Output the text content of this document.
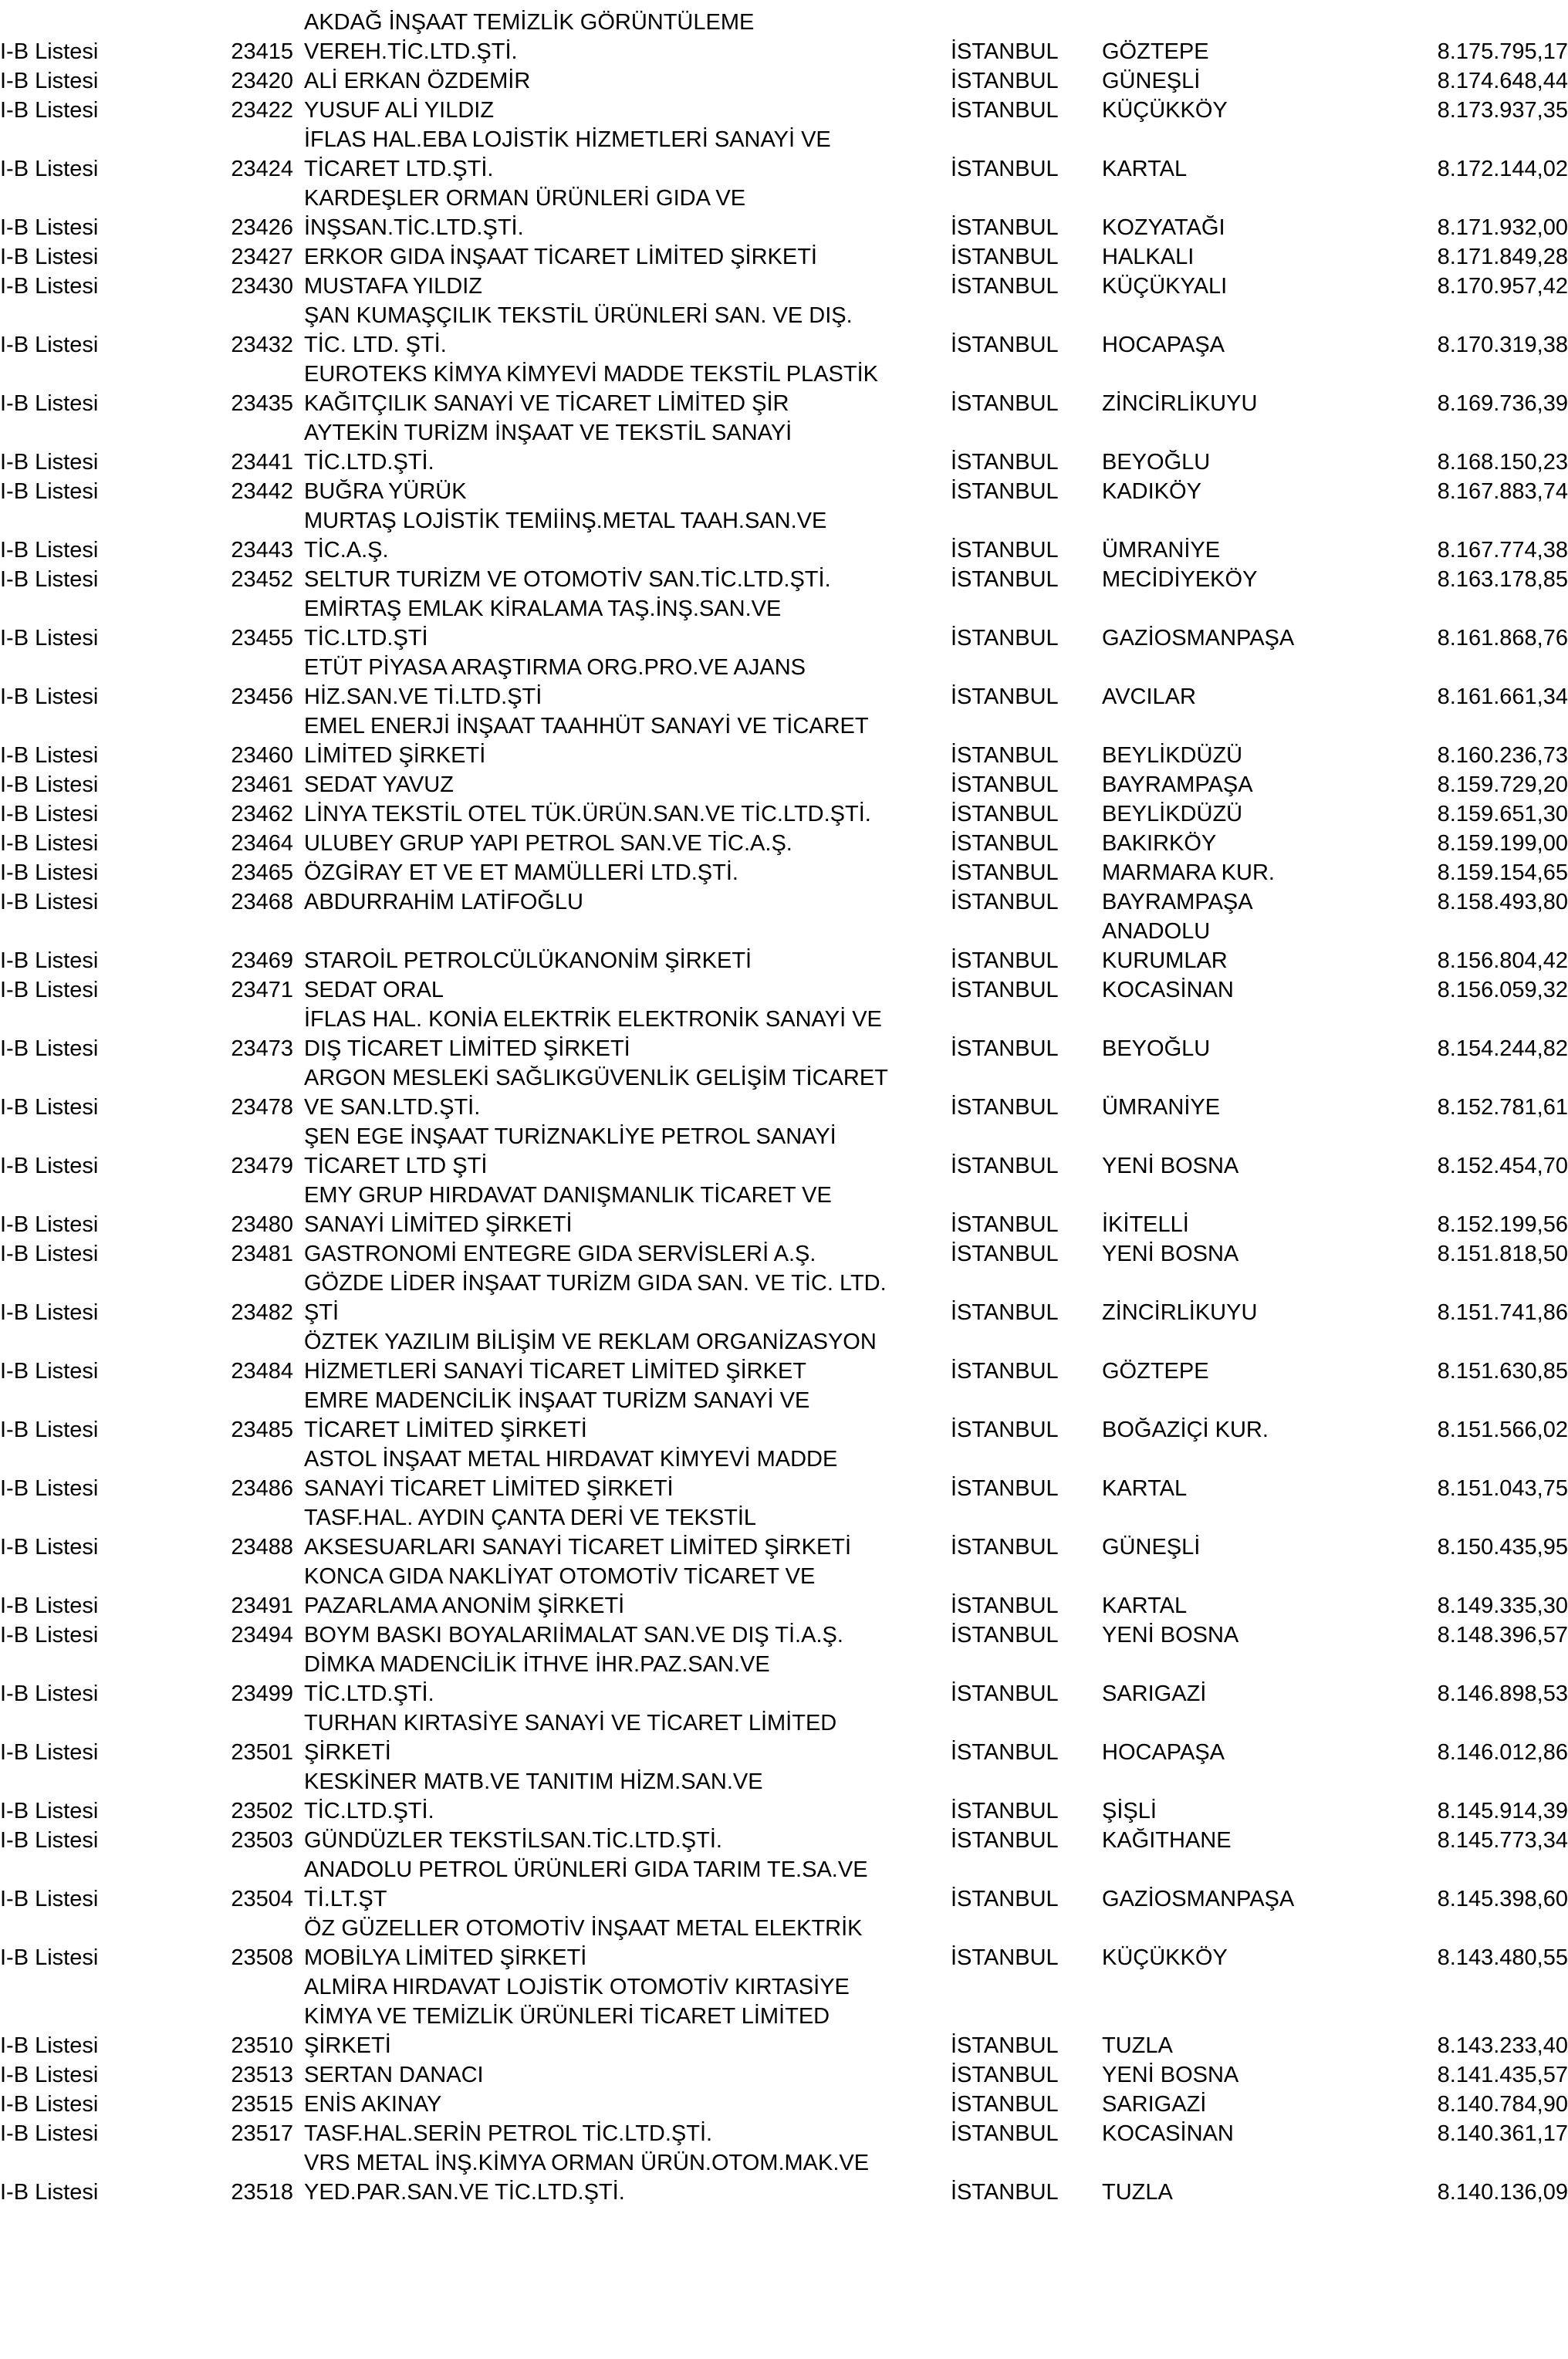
				AKDAĞ İNŞAAT TEMİZLİK GÖRÜNTÜLEME				
I-B Listesi		23415		VEREH.TİC.LTD.ŞTİ.	İSTANBUL		GÖZTEPE	8.175.795,17
I-B Listesi		23420		ALİ ERKAN ÖZDEMİR	İSTANBUL		GÜNEŞLİ	8.174.648,44
I-B Listesi		23422		YUSUF ALİ YILDIZ	İSTANBUL		KÜÇÜKKÖY	8.173.937,35
				İFLAS HAL.EBA LOJİSTİK HİZMETLERİ SANAYİ VE				
I-B Listesi		23424		TİCARET LTD.ŞTİ.	İSTANBUL		KARTAL	8.172.144,02
				KARDEŞLER ORMAN ÜRÜNLERİ GIDA VE				
I-B Listesi		23426		İNŞSAN.TİC.LTD.ŞTİ.	İSTANBUL		KOZYATAĞI	8.171.932,00
I-B Listesi		23427		ERKOR GIDA İNŞAAT TİCARET LİMİTED ŞİRKETİ	İSTANBUL		HALKALI	8.171.849,28
I-B Listesi		23430		MUSTAFA YILDIZ	İSTANBUL		KÜÇÜKYALI	8.170.957,42
				ŞAN KUMAŞÇILIK TEKSTİL ÜRÜNLERİ SAN. VE DIŞ.				
I-B Listesi		23432		TİC. LTD. ŞTİ.	İSTANBUL		HOCAPAŞA	8.170.319,38
				EUROTEKS KİMYA KİMYEVİ MADDE TEKSTİL PLASTİK				
I-B Listesi		23435		KAĞITÇILIK SANAYİ VE TİCARET LİMİTED ŞİR	İSTANBUL		ZİNCİRLİKUYU	8.169.736,39
				AYTEKİN TURİZM İNŞAAT VE TEKSTİL SANAYİ				
I-B Listesi		23441		TİC.LTD.ŞTİ.	İSTANBUL		BEYOĞLU	8.168.150,23
I-B Listesi		23442		BUĞRA YÜRÜK	İSTANBUL		KADIKÖY	8.167.883,74
				MURTAŞ LOJİSTİK TEMİİNŞ.METAL TAAH.SAN.VE				
I-B Listesi		23443		TİC.A.Ş.	İSTANBUL		ÜMRANİYE	8.167.774,38
I-B Listesi		23452		SELTUR TURİZM VE OTOMOTİV SAN.TİC.LTD.ŞTİ.	İSTANBUL		MECİDİYEKÖY	8.163.178,85
				EMİRTAŞ EMLAK KİRALAMA TAŞ.İNŞ.SAN.VE				
I-B Listesi		23455		TİC.LTD.ŞTİ	İSTANBUL		GAZİOSMANPAŞA	8.161.868,76
				ETÜT PİYASA ARAŞTIRMA ORG.PRO.VE AJANS				
I-B Listesi		23456		HİZ.SAN.VE Tİ.LTD.ŞTİ	İSTANBUL		AVCILAR	8.161.661,34
				EMEL ENERJİ İNŞAAT TAAHHÜT SANAYİ VE TİCARET				
I-B Listesi		23460		LİMİTED ŞİRKETİ	İSTANBUL		BEYLİKDÜZÜ	8.160.236,73
I-B Listesi		23461		SEDAT YAVUZ	İSTANBUL		BAYRAMPAŞA	8.159.729,20
I-B Listesi		23462		LİNYA TEKSTİL OTEL TÜK.ÜRÜN.SAN.VE TİC.LTD.ŞTİ.	İSTANBUL		BEYLİKDÜZÜ	8.159.651,30
I-B Listesi		23464		ULUBEY GRUP YAPI PETROL SAN.VE TİC.A.Ş.	İSTANBUL		BAKIRKÖY	8.159.199,00
I-B Listesi		23465		ÖZGİRAY ET VE ET MAMÜLLERİ LTD.ŞTİ.	İSTANBUL		MARMARA KUR.	8.159.154,65
I-B Listesi		23468		ABDURRAHİM LATİFOĞLU	İSTANBUL		BAYRAMPAŞA	8.158.493,80
							ANADOLU	
I-B Listesi		23469		STAROİL PETROLCÜLÜKANONİM ŞİRKETİ	İSTANBUL		KURUMLAR	8.156.804,42
I-B Listesi		23471		SEDAT ORAL	İSTANBUL		KOCASİNAN	8.156.059,32
				İFLAS HAL. KONİA ELEKTRİK ELEKTRONİK SANAYİ VE				
I-B Listesi		23473		DIŞ TİCARET LİMİTED ŞİRKETİ	İSTANBUL		BEYOĞLU	8.154.244,82
				ARGON MESLEKİ SAĞLIKGÜVENLİK GELİŞİM TİCARET				
I-B Listesi		23478		VE SAN.LTD.ŞTİ.	İSTANBUL		ÜMRANİYE	8.152.781,61
				ŞEN EGE İNŞAAT TURİZNAKLİYE PETROL SANAYİ				
I-B Listesi		23479		TİCARET LTD ŞTİ	İSTANBUL		YENİ BOSNA	8.152.454,70
				EMY GRUP HIRDAVAT DANIŞMANLIK TİCARET VE				
I-B Listesi		23480		SANAYİ LİMİTED ŞİRKETİ	İSTANBUL		İKİTELLİ	8.152.199,56
I-B Listesi		23481		GASTRONOMİ ENTEGRE GIDA SERVİSLERİ A.Ş.	İSTANBUL		YENİ BOSNA	8.151.818,50
				GÖZDE LİDER İNŞAAT TURİZM GIDA SAN. VE TİC. LTD.				
I-B Listesi		23482		ŞTİ	İSTANBUL		ZİNCİRLİKUYU	8.151.741,86
				ÖZTEK YAZILIM BİLİŞİM VE REKLAM ORGANİZASYON				
I-B Listesi		23484		HİZMETLERİ SANAYİ TİCARET LİMİTED ŞİRKET	İSTANBUL		GÖZTEPE	8.151.630,85
				EMRE MADENCİLİK İNŞAAT TURİZM SANAYİ VE				
I-B Listesi		23485		TİCARET LİMİTED ŞİRKETİ	İSTANBUL		BOĞAZİÇİ KUR.	8.151.566,02
				ASTOL İNŞAAT METAL HIRDAVAT KİMYEVİ MADDE				
I-B Listesi		23486		SANAYİ TİCARET LİMİTED ŞİRKETİ	İSTANBUL		KARTAL	8.151.043,75
				TASF.HAL. AYDIN ÇANTA DERİ VE TEKSTİL				
I-B Listesi		23488		AKSESUARLARI SANAYİ TİCARET LİMİTED ŞİRKETİ	İSTANBUL		GÜNEŞLİ	8.150.435,95
				KONCA GIDA NAKLİYAT OTOMOTİV TİCARET VE				
I-B Listesi		23491		PAZARLAMA ANONİM ŞİRKETİ	İSTANBUL		KARTAL	8.149.335,30
I-B Listesi		23494		BOYM BASKI BOYALARIİMALAT SAN.VE DIŞ Tİ.A.Ş.	İSTANBUL		YENİ BOSNA	8.148.396,57
				DİMKA MADENCİLİK İTHVE İHR.PAZ.SAN.VE				
I-B Listesi		23499		TİC.LTD.ŞTİ.	İSTANBUL		SARIGAZİ	8.146.898,53
				TURHAN KIRTASİYE SANAYİ VE TİCARET LİMİTED				
I-B Listesi		23501		ŞİRKETİ	İSTANBUL		HOCAPAŞA	8.146.012,86
				KESKİNER MATB.VE TANITIM HİZM.SAN.VE				
I-B Listesi		23502		TİC.LTD.ŞTİ.	İSTANBUL		ŞİŞLİ	8.145.914,39
I-B Listesi		23503		GÜNDÜZLER TEKSTİLSAN.TİC.LTD.ŞTİ.	İSTANBUL		KAĞITHANE	8.145.773,34
				ANADOLU PETROL ÜRÜNLERİ GIDA TARIM TE.SA.VE				
I-B Listesi		23504		Tİ.LT.ŞT	İSTANBUL		GAZİOSMANPAŞA	8.145.398,60
				ÖZ GÜZELLER OTOMOTİV İNŞAAT METAL ELEKTRİK				
I-B Listesi		23508		MOBİLYA LİMİTED ŞİRKETİ	İSTANBUL		KÜÇÜKKÖY	8.143.480,55
				ALMİRA HIRDAVAT LOJİSTİK OTOMOTİV KIRTASİYE				
				KİMYA VE TEMİZLİK ÜRÜNLERİ TİCARET LİMİTED				
I-B Listesi		23510		ŞİRKETİ	İSTANBUL		TUZLA	8.143.233,40
I-B Listesi		23513		SERTAN DANACI	İSTANBUL		YENİ BOSNA	8.141.435,57
I-B Listesi		23515		ENİS AKINAY	İSTANBUL		SARIGAZİ	8.140.784,90
I-B Listesi		23517		TASF.HAL.SERİN PETROL TİC.LTD.ŞTİ.	İSTANBUL		KOCASİNAN	8.140.361,17
				VRS METAL İNŞ.KİMYA ORMAN ÜRÜN.OTOM.MAK.VE				
I-B Listesi		23518		YED.PAR.SAN.VE TİC.LTD.ŞTİ.	İSTANBUL		TUZLA	8.140.136,09
